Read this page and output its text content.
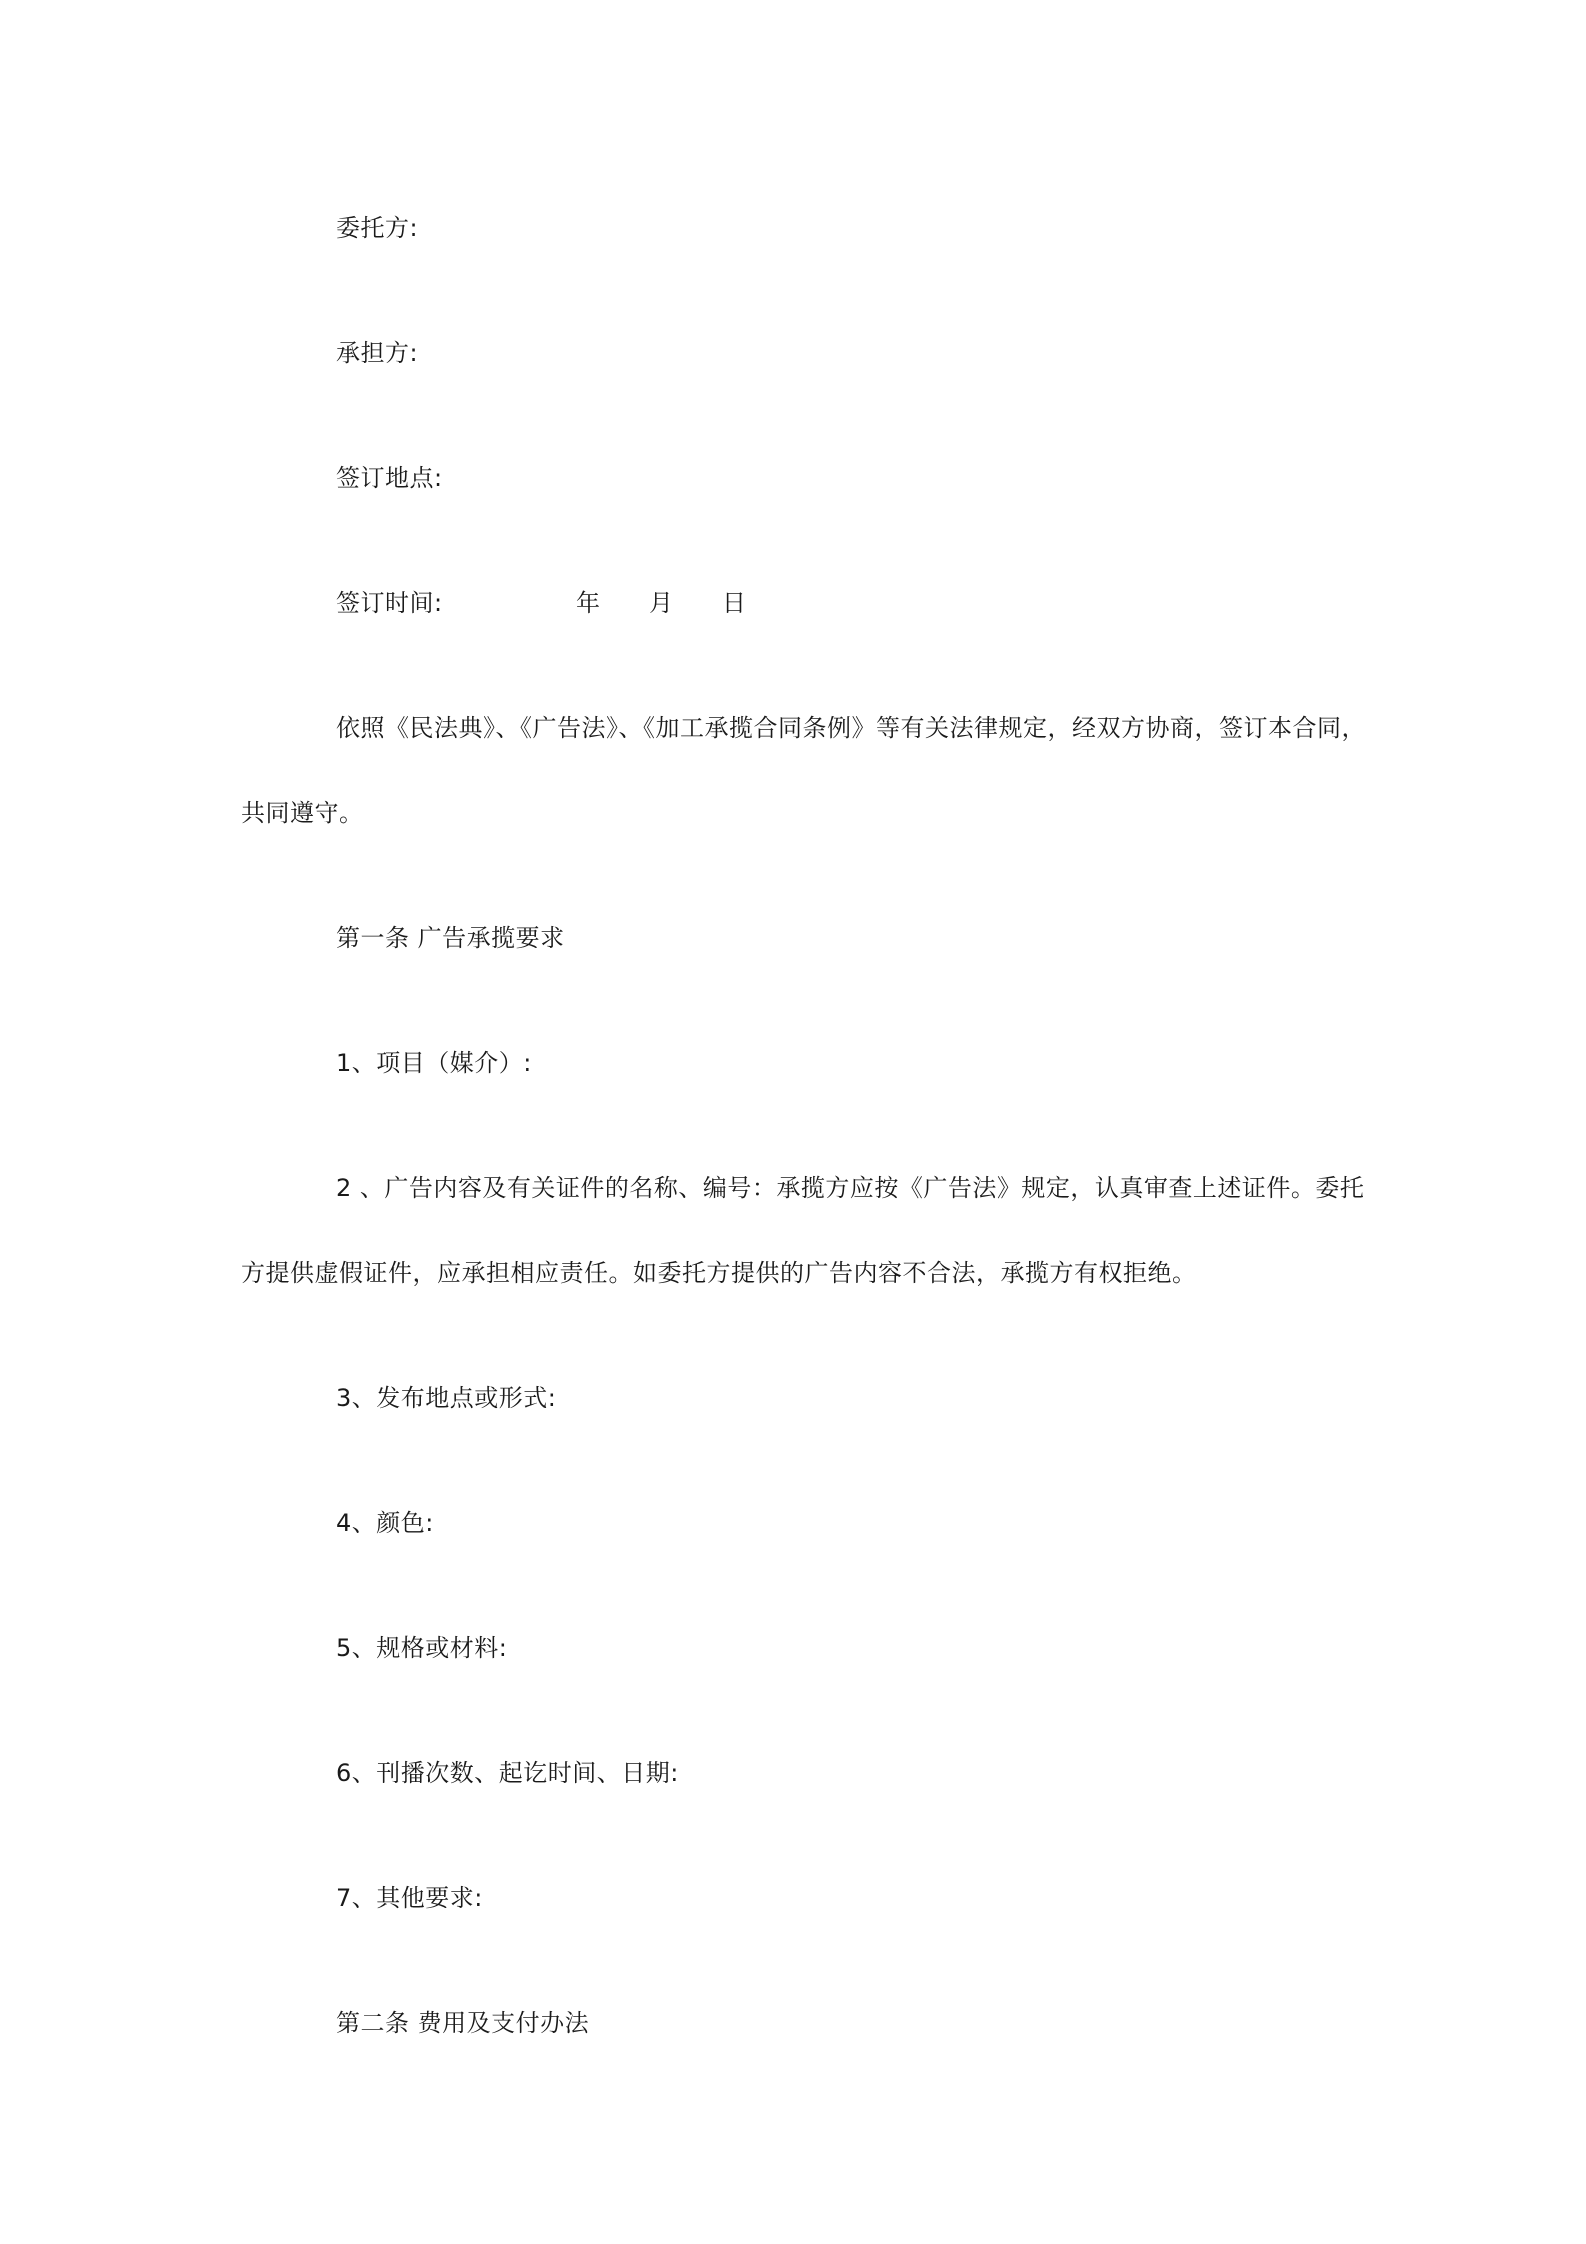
委托方:
承担方:
签订地点:
签订时间:	年 月 日
依照《民法典》、《广告法》、《加工承揽合同条例》等有关法律规定，经双方协商，签订本合同，
共同遵守。
第一条 广告承揽要求
1、项目（媒介）:
2 、广告内容及有关证件的名称、编号：承揽方应按《广告法》规定，认真审查上述证件。委托
方提供虚假证件，应承担相应责任。如委托方提供的广告内容不合法，承揽方有权拒绝。
3、发布地点或形式:
4、颜色:
5、规格或材料:
6、刊播次数、起讫时间、日期:
7、其他要求:
第二条 费用及支付办法
